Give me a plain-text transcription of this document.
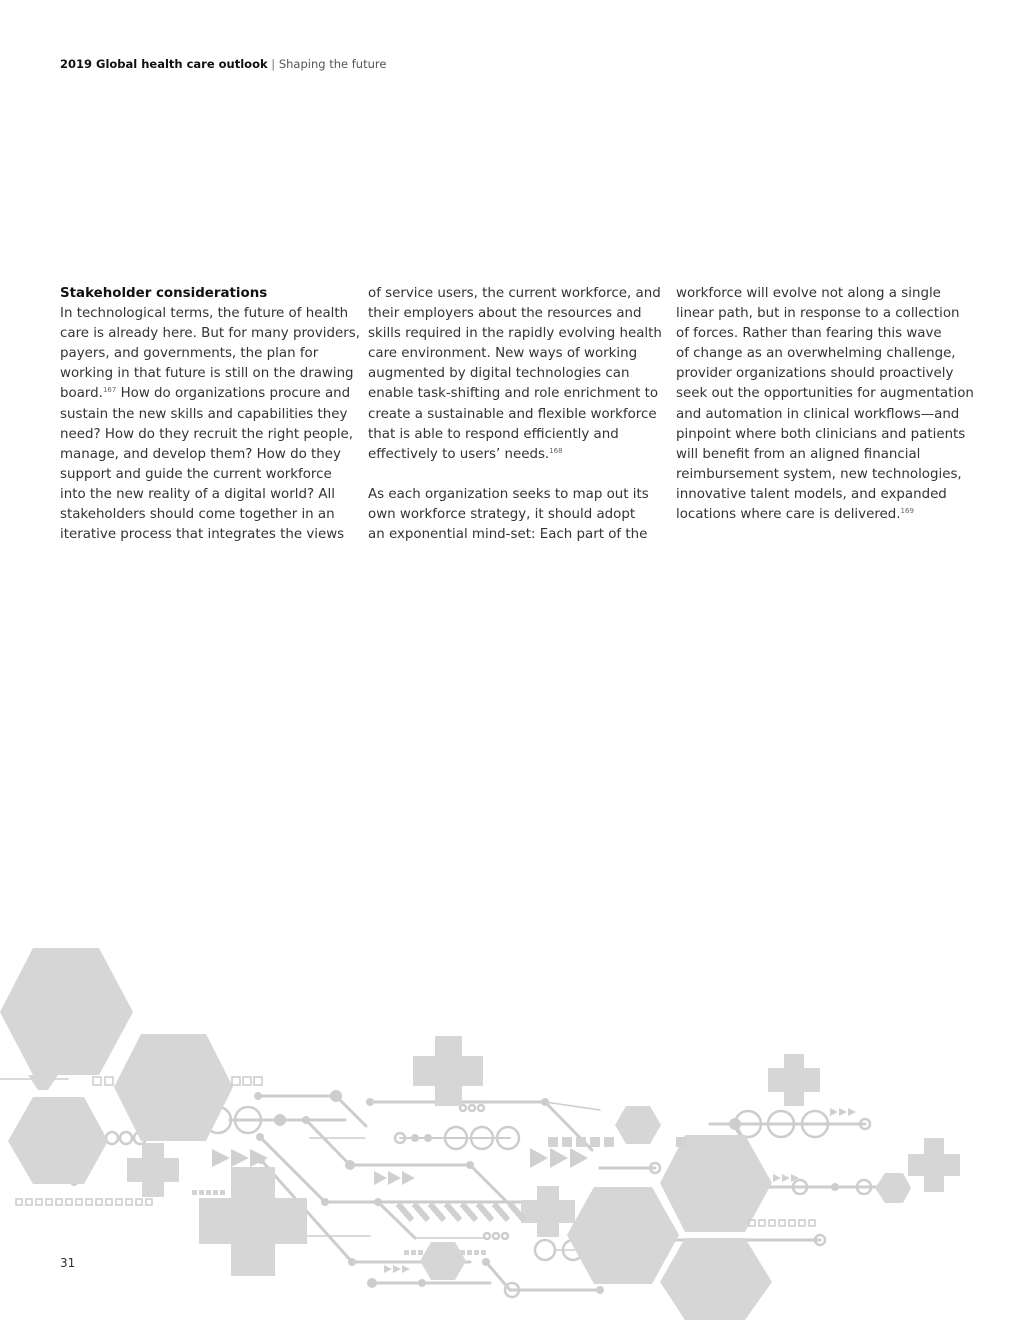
2019 Global health care outlook | Shaping the future
Stakeholder considerations
In technological terms, the future of health
care is already here. But for many providers,
payers, and governments, the plan for
working in that future is still on the drawing
board.$^{167}$ How do organizations procure and
sustain the new skills and capabilities they
need? How do they recruit the right people,
manage, and develop them? How do they
support and guide the current workforce
into the new reality of a digital world? All
stakeholders should come together in an
iterative process that integrates the views
of service users, the current workforce, and
their employers about the resources and
skills required in the rapidly evolving health
care environment. New ways of working
augmented by digital technologies can
enable task-shifting and role enrichment to
create a sustainable and flexible workforce
that is able to respond efficiently and
effectively to users’ needs.$^{168}$
As each organization seeks to map out its
own workforce strategy, it should adopt
an exponential mind-set: Each part of the
workforce will evolve not along a single
linear path, but in response to a collection
of forces. Rather than fearing this wave
of change as an overwhelming challenge,
provider organizations should proactively
seek out the opportunities for augmentation
and automation in clinical workflows—and
pinpoint where both clinicians and patients
will benefit from an aligned financial
reimbursement system, new technologies,
innovative talent models, and expanded
locations where care is delivered.$^{169}$
31
